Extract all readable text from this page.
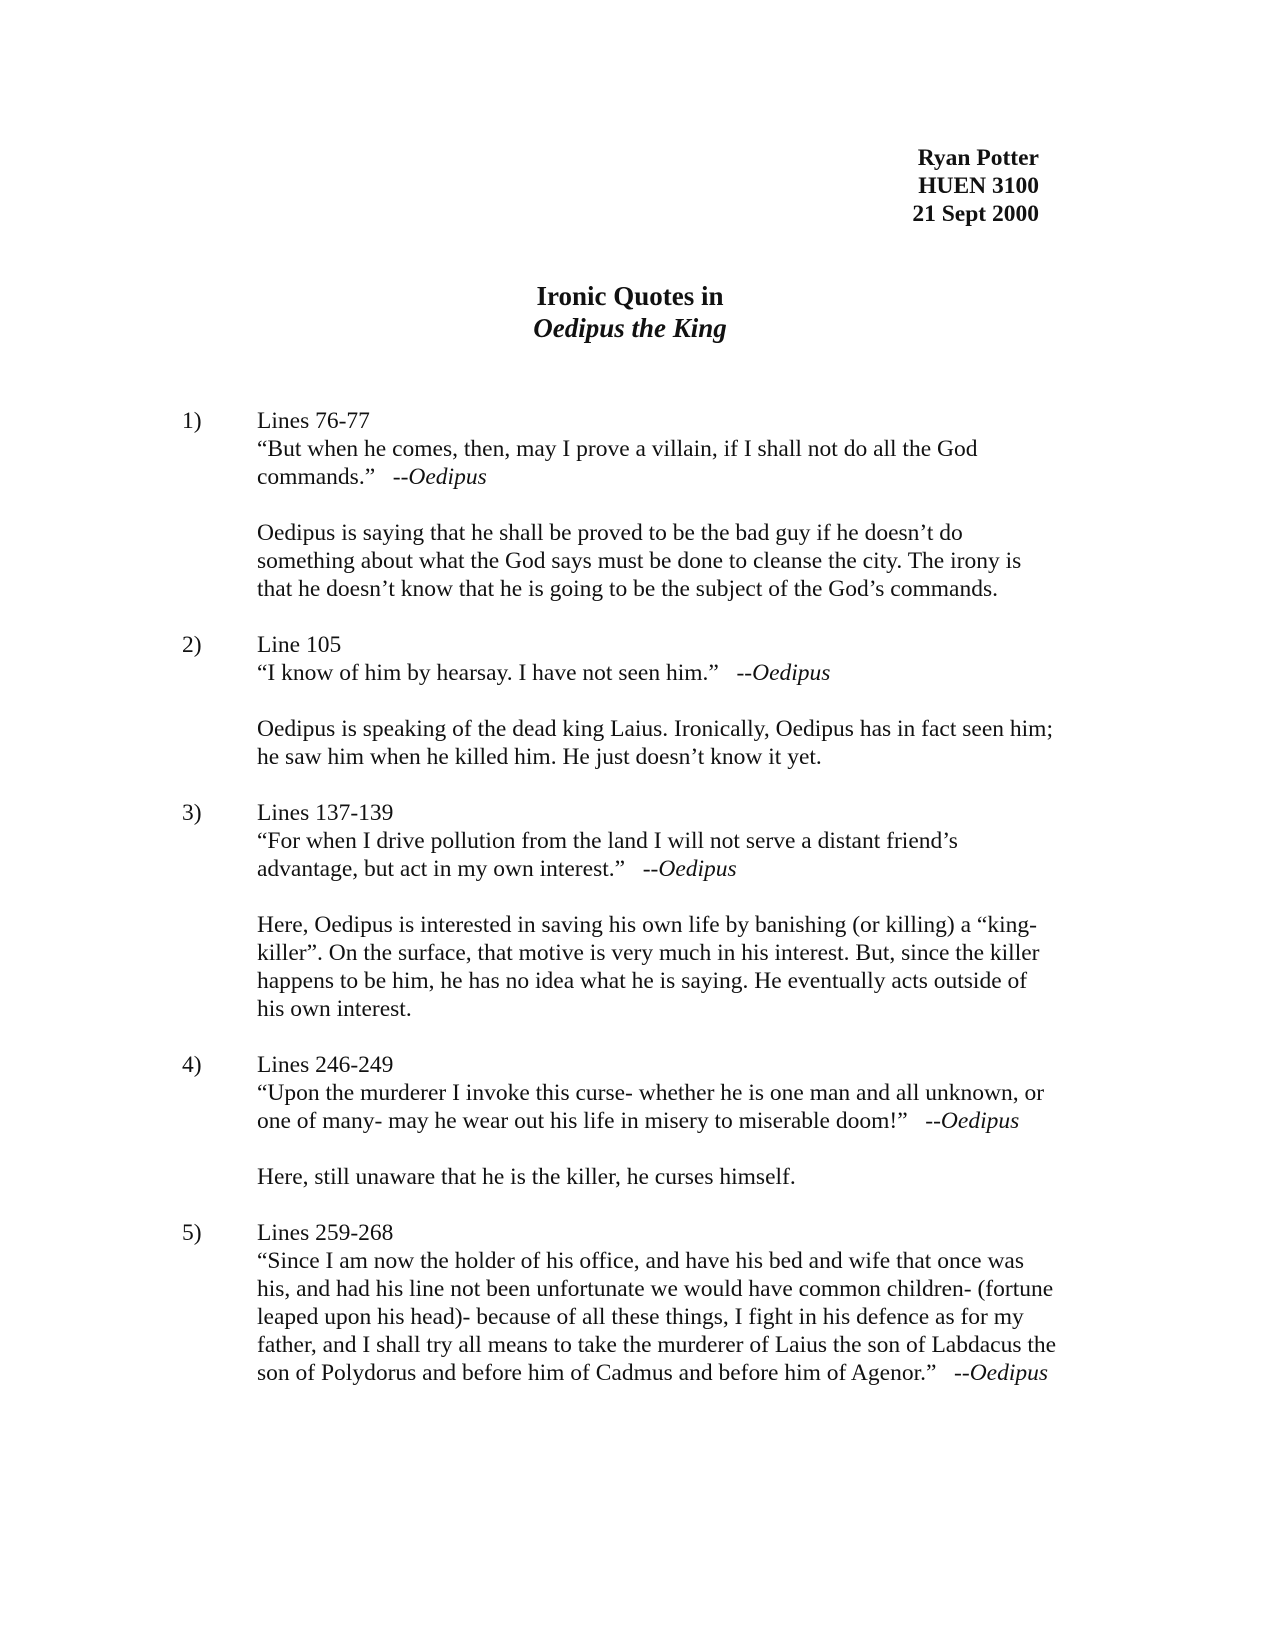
Ryan Potter
HUEN 3100
21 Sept 2000
Ironic Quotes in
Oedipus the King
1) Lines 76-77
“But when he comes, then, may I prove a villain, if I shall not do all the God commands.” --Oedipus
Oedipus is saying that he shall be proved to be the bad guy if he doesn’t do something about what the God says must be done to cleanse the city. The irony is that he doesn’t know that he is going to be the subject of the God’s commands.
2) Line 105
“I know of him by hearsay. I have not seen him.” --Oedipus
Oedipus is speaking of the dead king Laius. Ironically, Oedipus has in fact seen him; he saw him when he killed him. He just doesn’t know it yet.
3) Lines 137-139
“For when I drive pollution from the land I will not serve a distant friend’s advantage, but act in my own interest.” --Oedipus
Here, Oedipus is interested in saving his own life by banishing (or killing) a “king-killer”. On the surface, that motive is very much in his interest. But, since the killer happens to be him, he has no idea what he is saying. He eventually acts outside of his own interest.
4) Lines 246-249
“Upon the murderer I invoke this curse- whether he is one man and all unknown, or one of many- may he wear out his life in misery to miserable doom!” --Oedipus
Here, still unaware that he is the killer, he curses himself.
5) Lines 259-268
“Since I am now the holder of his office, and have his bed and wife that once was his, and had his line not been unfortunate we would have common children- (fortune leaped upon his head)- because of all these things, I fight in his defence as for my father, and I shall try all means to take the murderer of Laius the son of Labdacus the son of Polydorus and before him of Cadmus and before him of Agenor.” --Oedipus
